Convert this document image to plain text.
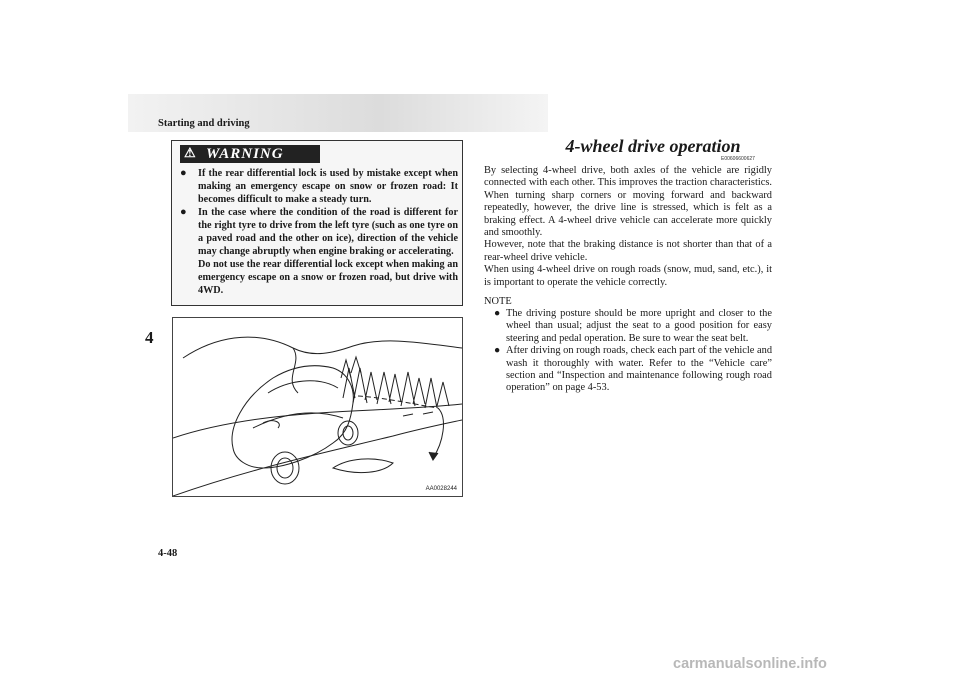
Starting and driving
4
⚠ WARNING
● If the rear differential lock is used by mistake except when making an emergency escape on snow or frozen road: It becomes difficult to make a steady turn.
● In the case where the condition of the road is different for the right tyre to drive from the left tyre (such as one tyre on a paved road and the other on ice), direction of the vehicle may change abruptly when engine braking or accelerating.
Do not use the rear differential lock except when making an emergency escape on a snow or frozen road, but drive with 4WD.
AA0028244
4-wheel drive operation
E00606600627

By selecting 4-wheel drive, both axles of the vehicle are rigidly connected with each other. This improves the traction characteristics. When turning sharp corners or moving forward and backward repeatedly, however, the drive line is stressed, which is felt as a braking effect. A 4-wheel drive vehicle can accelerate more quickly and smoothly.

However, note that the braking distance is not shorter than that of a rear-wheel drive vehicle.

When using 4-wheel drive on rough roads (snow, mud, sand, etc.), it is important to operate the vehicle correctly.

NOTE
● The driving posture should be more upright and closer to the wheel than usual; adjust the seat to a good position for easy steering and pedal operation. Be sure to wear the seat belt.
● After driving on rough roads, check each part of the vehicle and wash it thoroughly with water. Refer to the “Vehicle care” section and “Inspection and maintenance following rough road operation” on page 4-53.
4-48
carmanualsonline.info
